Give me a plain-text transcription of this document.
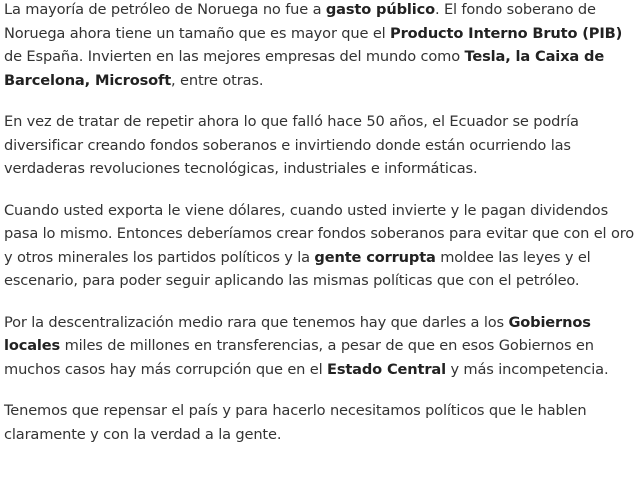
La mayoría de petróleo de Noruega no fue a gasto público. El fondo soberano de Noruega ahora tiene un tamaño que es mayor que el Producto Interno Bruto (PIB) de España. Invierten en las mejores empresas del mundo como Tesla, la Caixa de Barcelona, Microsoft, entre otras.

En vez de tratar de repetir ahora lo que falló hace 50 años, el Ecuador se podría diversificar creando fondos soberanos e invirtiendo donde están ocurriendo las verdaderas revoluciones tecnológicas, industriales e informáticas.

Cuando usted exporta le viene dólares, cuando usted invierte y le pagan dividendos pasa lo mismo. Entonces deberíamos crear fondos soberanos para evitar que con el oro y otros minerales los partidos políticos y la gente corrupta moldee las leyes y el escenario, para poder seguir aplicando las mismas políticas que con el petróleo.

Por la descentralización medio rara que tenemos hay que darles a los Gobiernos locales miles de millones en transferencias, a pesar de que en esos Gobiernos en muchos casos hay más corrupción que en el Estado Central y más incompetencia.

Tenemos que repensar el país y para hacerlo necesitamos políticos que le hablen claramente y con la verdad a la gente.
